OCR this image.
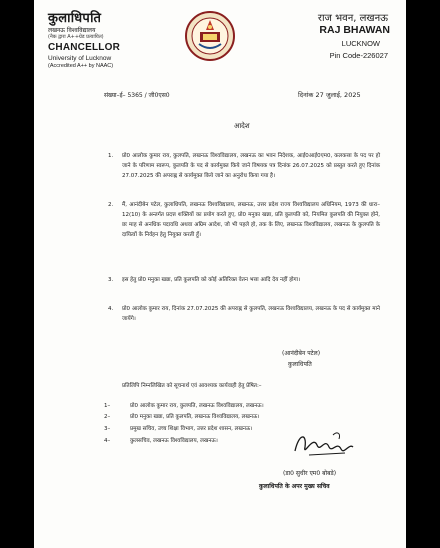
कुलाधिपति
लखनऊ विश्वविद्यालय
(नैक द्वारा A++ग्रेड प्रत्यायित)
CHANCELLOR
University of Lucknow
(Accredited A++ by NAAC)
राज भवन, लखनऊ
RAJ BHAWAN
LUCKNOW
Pin Code-226027
संख्या–ई– 5365 / जी0एस0	दिनांक 27 जुलाई, 2025
आदेश
1. प्रो0 आलोक कुमार राय, कुलपति, लखनऊ विश्वविद्यालय, लखनऊ का भवन निदेशक, आई0आई0एम0, कलकत्ता के पद पर हो जाने के परिणाम स्वरूप, कुलपति के पद से कार्यमुक्त किये जाने विषयक पत्र दिनांक 26.07.2025 को प्रस्तुत करते हुए दिनांक 27.07.2025 की अपराह्न से कार्यमुक्त किये जाने का अनुरोध किया गया है।
2. मैं, आनंदीबेन पटेल, कुलाधिपति, लखनऊ विश्वविद्यालय, लखनऊ, उत्तर प्रदेश राज्य विश्वविद्यालय अधिनियम, 1973 की धारा–12(10) के अन्तर्गत प्रदत्त शक्तियों का प्रयोग करते हुए, प्रो0 मनुका खन्ना, प्रति कुलपति को, नियमित कुलपति की नियुक्त होने, छः माह से अनधिक पदावधि अथवा अग्रिम आदेश, जो भी पहले हो, तक के लिए, लखनऊ विश्वविद्यालय, लखनऊ के कुलपति के दायित्वों के निर्वहन हेतु नियुक्त करती हूँ।
3. इस हेतु प्रो0 मनुका खन्ना, प्रति कुलपति को कोई अतिरिक्त वेतन भत्ता आदि देय नहीं होगा।
4. प्रो0 आलोक कुमार राय, दिनांक 27.07.2025 की अपराह्न से कुलपति, लखनऊ विश्वविद्यालय, लखनऊ के पद से कार्यमुक्त माने जायेंगे।
(आनंदीबेन पटेल)
कुलाधिपति
प्रतिलिपि निम्नलिखित को सूचनार्थ एवं आवश्यक कार्यवाही हेतु प्रेषित:–
1–	प्रो0 आलोक कुमार राय, कुलपति, लखनऊ विश्वविद्यालय, लखनऊ।
2–	प्रो0 मनुका खन्ना, प्रति कुलपति, लखनऊ विश्वविद्यालय, लखनऊ।
3–	प्रमुख सचिव, उच्च शिक्षा विभाग, उत्तर प्रदेश शासन, लखनऊ।
4–	कुलसचिव, लखनऊ विश्वविद्यालय, लखनऊ।
(डा0 सुधीर एम0 बोबडे)
कुलाधिपति के अपर मुख्य सचिव
